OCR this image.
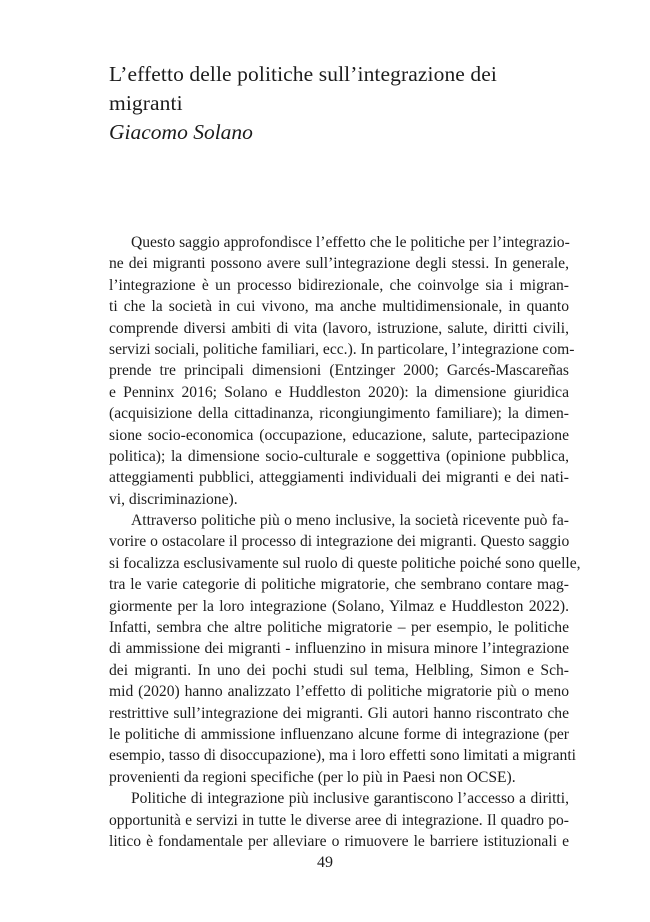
L’effetto delle politiche sull’integrazione dei
migranti

Giacomo Solano

Questo saggio approfondisce l’effetto che le politiche per l’integrazio-
ne dei migranti possono avere sull’integrazione degli stessi. In generale,
l’integrazione è un processo bidirezionale, che coinvolge sia i migran-
ti che la società in cui vivono, ma anche multidimensionale, in quanto
comprende diversi ambiti di vita (lavoro, istruzione, salute, diritti civili,
servizi sociali, politiche familiari, ecc.). In particolare, l’integrazione com-
prende tre principali dimensioni (Entzinger 2000; Garcés-Mascareñas
e Penninx 2016; Solano e Huddleston 2020): la dimensione giuridica
(acquisizione della cittadinanza, ricongiungimento familiare); la dimen-
sione socio-economica (occupazione, educazione, salute, partecipazione
politica); la dimensione socio-culturale e soggettiva (opinione pubblica,
atteggiamenti pubblici, atteggiamenti individuali dei migranti e dei nati-
vi, discriminazione).
Attraverso politiche più o meno inclusive, la società ricevente può fa-
vorire o ostacolare il processo di integrazione dei migranti. Questo saggio
si focalizza esclusivamente sul ruolo di queste politiche poiché sono quelle,
tra le varie categorie di politiche migratorie, che sembrano contare mag-
giormente per la loro integrazione (Solano, Yilmaz e Huddleston 2022).
Infatti, sembra che altre politiche migratorie – per esempio, le politiche
di ammissione dei migranti - influenzino in misura minore l’integrazione
dei migranti. In uno dei pochi studi sul tema, Helbling, Simon e Sch-
mid (2020) hanno analizzato l’effetto di politiche migratorie più o meno
restrittive sull’integrazione dei migranti. Gli autori hanno riscontrato che
le politiche di ammissione influenzano alcune forme di integrazione (per
esempio, tasso di disoccupazione), ma i loro effetti sono limitati a migranti
provenienti da regioni specifiche (per lo più in Paesi non OCSE).
Politiche di integrazione più inclusive garantiscono l’accesso a diritti,
opportunità e servizi in tutte le diverse aree di integrazione. Il quadro po-
litico è fondamentale per alleviare o rimuovere le barriere istituzionali e
49
